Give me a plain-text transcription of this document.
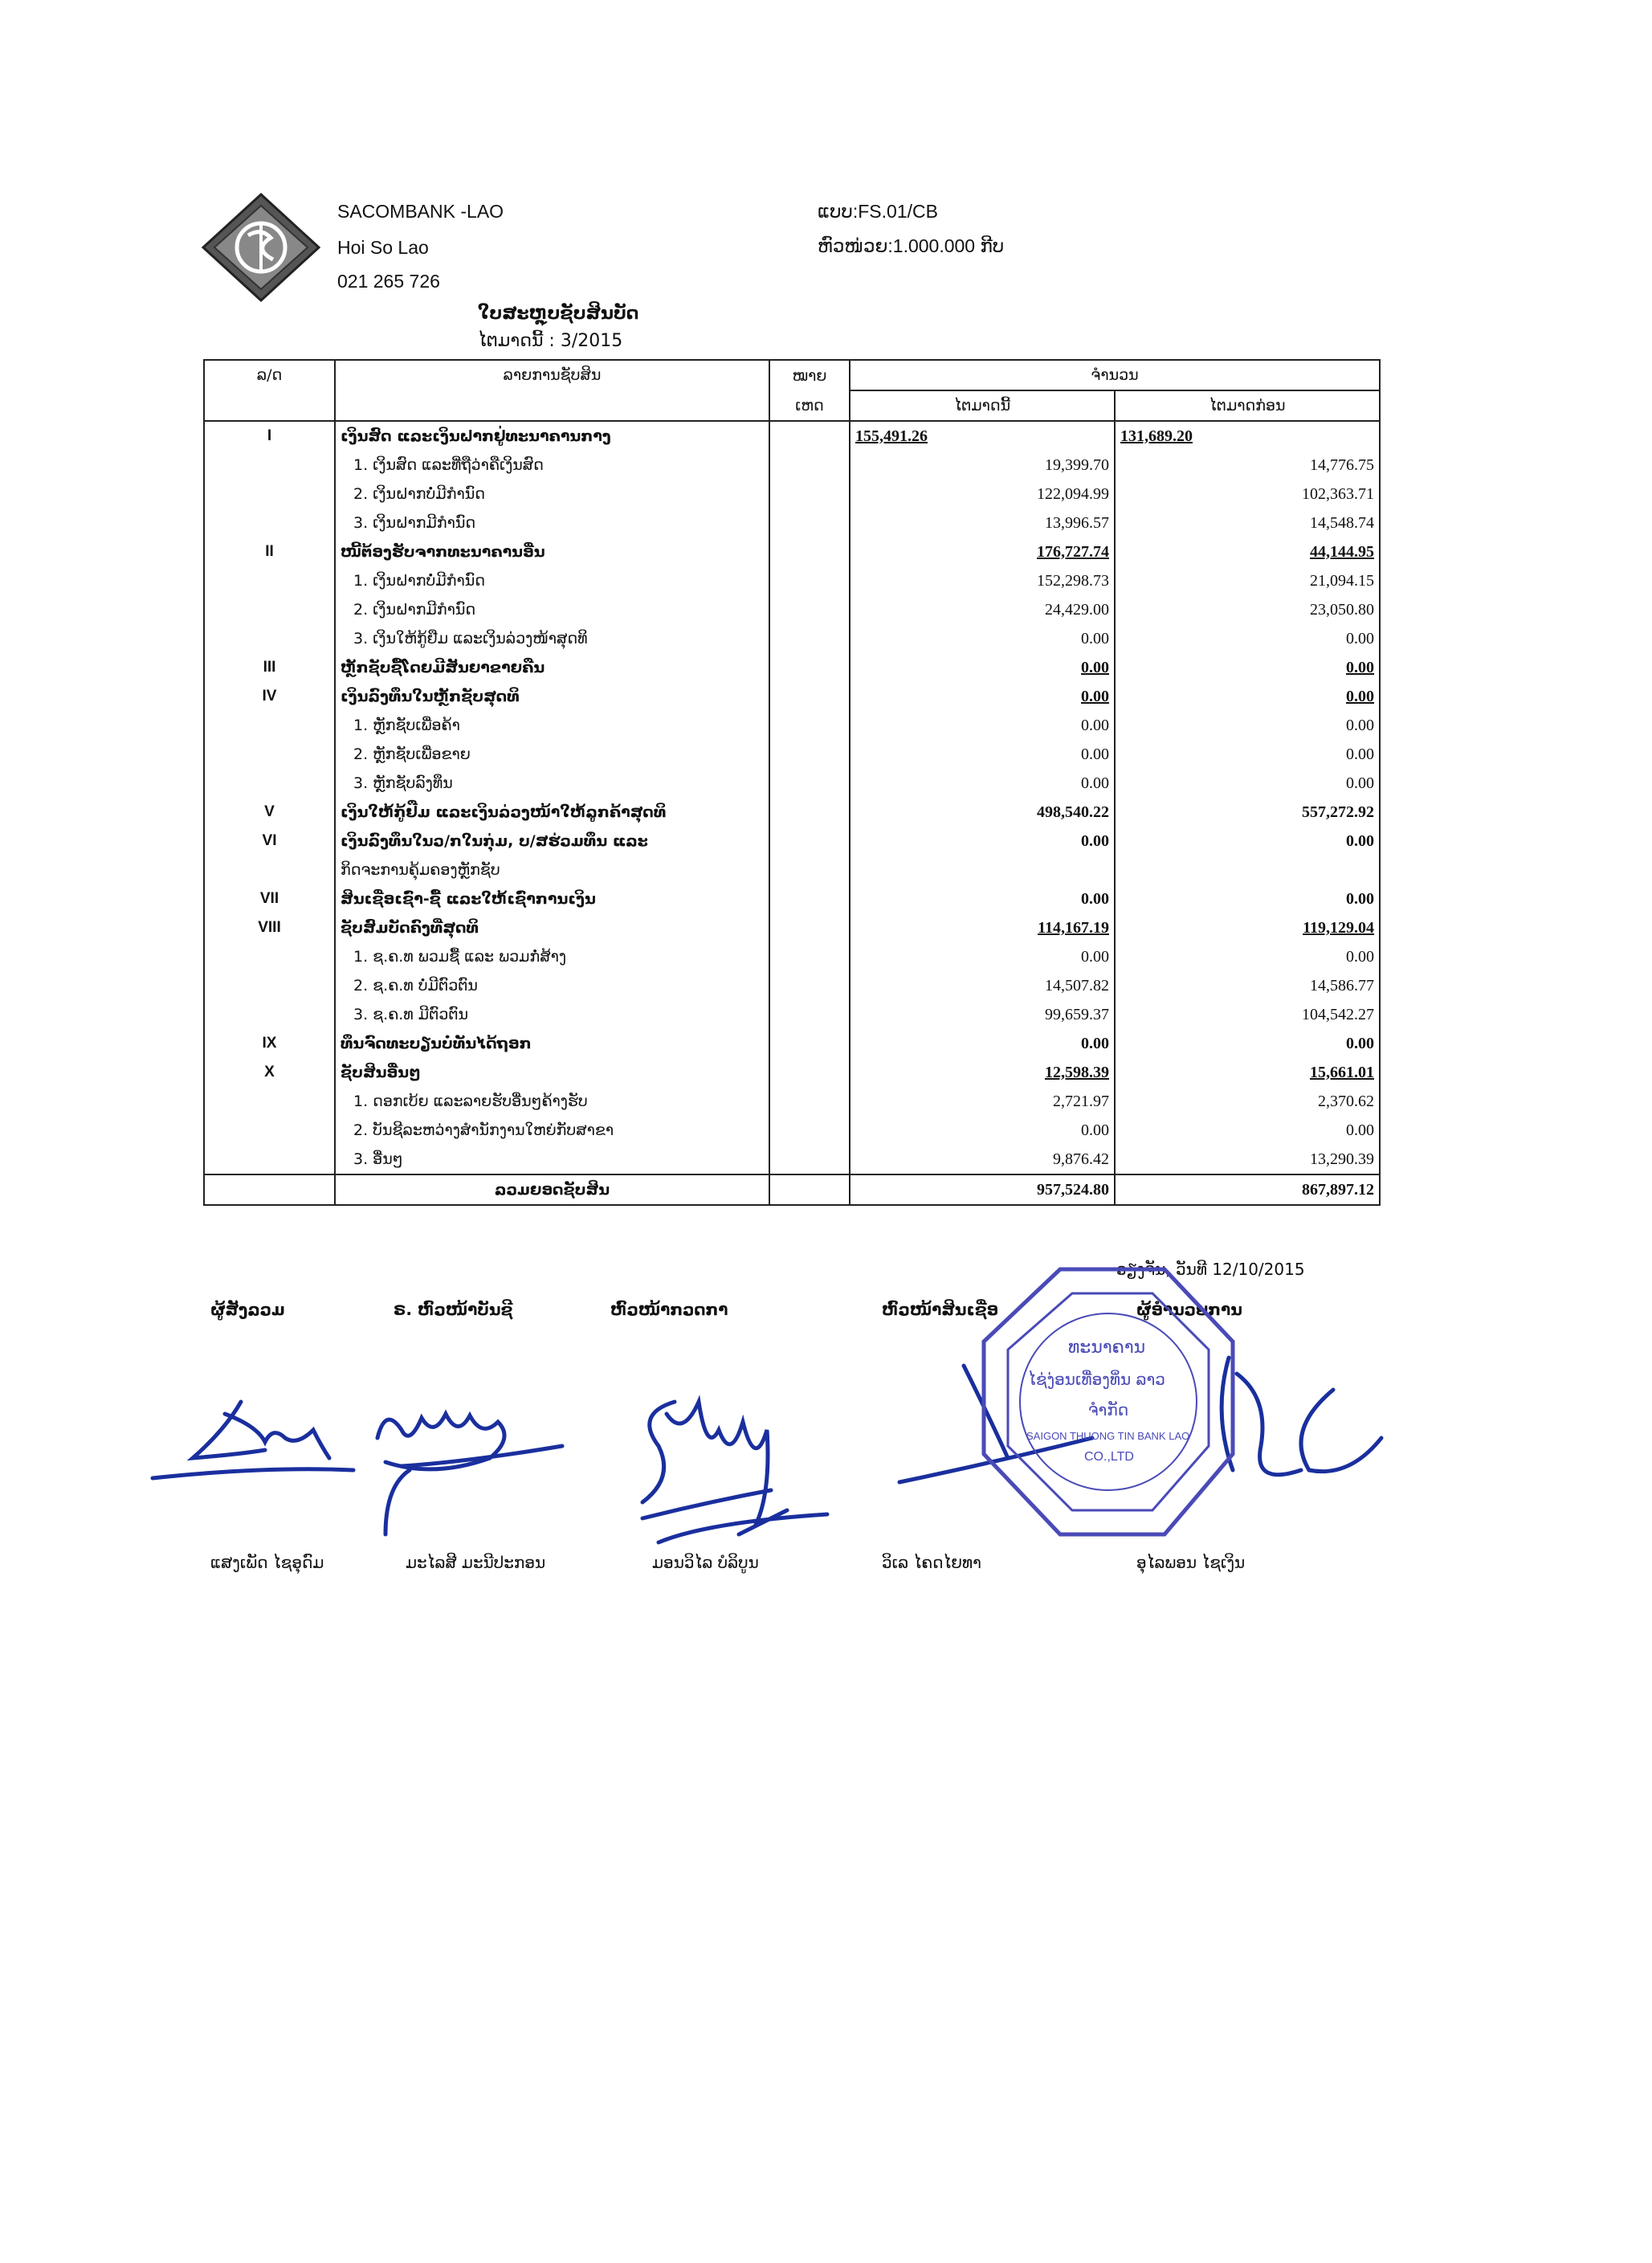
SACOMBANK -LAO
Hoi So Lao
021 265 726
ແບບ:FS.01/CB
ຫົວໜ່ວຍ:1.000.000 ກີບ
ໃບສະຫຼຸບຊັບສິນບັດ
ໄຕມາດນີ້ : 3/2015
ລ/ດ	ລາຍການຊັບສິນ	ໝາຍ	ຈຳນວນ	
		ເຫດ	ໄຕມາດນີ້	ໄຕມາດກ່ອນ
I	ເງິນສົດ ແລະເງິນຝາກຢູ່ທະນາຄານກາງ		155,491.26	131,689.20
	1. ເງິນສົດ ແລະທີ່ຖືວ່າຄືເງິນສົດ		19,399.70	14,776.75
	2. ເງິນຝາກບໍ່ມີກຳນົດ		122,094.99	102,363.71
	3. ເງິນຝາກມີກຳນົດ		13,996.57	14,548.74
II	ໜີ້ຕ້ອງຮັບຈາກທະນາຄານອື່ນ		176,727.74	44,144.95
	1. ເງິນຝາກບໍ່ມີກຳນົດ		152,298.73	21,094.15
	2. ເງິນຝາກມີກຳນົດ		24,429.00	23,050.80
	3. ເງິນໃຫ້ກູ້ຢືມ ແລະເງິນລ່ວງໜ້າສຸດທິ		0.00	0.00
III	ຫຼັກຊັບຊື້ໂດຍມີສັນຍາຂາຍຄືນ		0.00	0.00
IV	ເງິນລົງທຶນໃນຫຼັກຊັບສຸດທິ		0.00	0.00
	1. ຫຼັກຊັບເພື່ອຄ້າ		0.00	0.00
	2. ຫຼັກຊັບເພື່ອຂາຍ		0.00	0.00
	3. ຫຼັກຊັບລົງທຶນ		0.00	0.00
V	ເງິນໃຫ້ກູ້ຢືມ ແລະເງິນລ່ວງໜ້າໃຫ້ລູກຄ້າສຸດທິ		498,540.22	557,272.92
VI	ເງິນລົງທຶນໃນວ/ກໃນກຸ່ມ, ບ/ສຮ່ວມທຶນ ແລະ		0.00	0.00
	ກິດຈະການຄຸ້ມຄອງຫຼັກຊັບ			
VII	ສິນເຊື່ອເຊົ່າ-ຊື້ ແລະໃຫ້ເຊົ່າການເງິນ		0.00	0.00
VIII	ຊັບສົມບັດຄົງທີ່ສຸດທິ		114,167.19	119,129.04
	1. ຊ.ຄ.ທ ພວມຊື້ ແລະ ພວມກໍ່ສ້າງ		0.00	0.00
	2. ຊ.ຄ.ທ ບໍ່ມີຕົວຕົນ		14,507.82	14,586.77
	3. ຊ.ຄ.ທ ມີຕົວຕົນ		99,659.37	104,542.27
IX	ທຶນຈົດທະບຽນບໍ່ທັນໄດ້ຖອກ		0.00	0.00
X	ຊັບສິນອື່ນໆ		12,598.39	15,661.01
	1. ດອກເບ້ຍ ແລະລາຍຮັບອື່ນໆຄ້າງຮັບ		2,721.97	2,370.62
	2. ບັນຊີລະຫວ່າງສຳນັກງານໃຫຍ່ກັບສາຂາ		0.00	0.00
	3. ອື່ນໆ		9,876.42	13,290.39
	ລວມຍອດຊັບສິນ		957,524.80	867,897.12
ວຽງຈັນ, ວັນທີ 12/10/2015
ຜູ້ສັງລວມ	ຣ. ຫົວໜ້າບັນຊີ	ຫົວໜ້າກວດກາ	ຫົວໜ້າສິນເຊື່ອ	ຜູ້ອຳນວຍການ
ທະນາຄານ
ໄຊ່ງ່ອນເທື່ອງທິ່ນ ລາວ
ຈຳກັດ
SAIGON THUONG TIN BANK LAO
CO.,LTD
ແສງເພັດ ໄຊອຸດົມ	ມະໄລສີ ມະນີປະກອນ	ມອນວິໄລ ບໍລິບູນ	ວິເລ ໄຄດໄຍທາ	ອຸໄລພອນ ໄຊເງິນ
